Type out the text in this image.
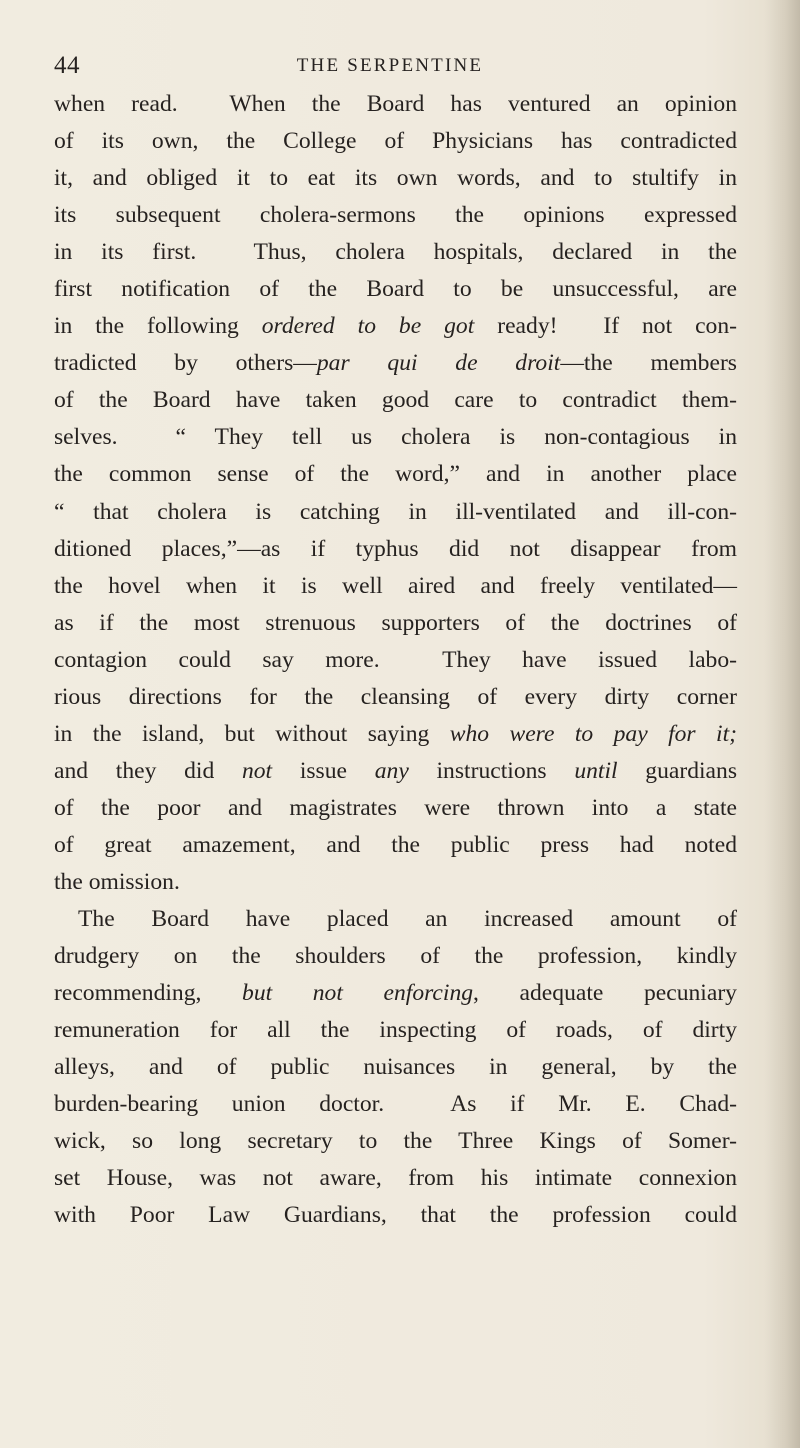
44	THE SERPENTINE
when read.  When the Board has ventured an opinion
of its own, the College of Physicians has contradicted
it, and obliged it to eat its own words, and to stultify in
its subsequent cholera-sermons the opinions expressed
in its first.  Thus, cholera hospitals, declared in the
first notification of the Board to be unsuccessful, are
in the following ordered to be got ready!  If not con-
tradicted by others—par qui de droit—the members
of the Board have taken good care to contradict them-
selves.  “ They tell us cholera is non-contagious in
the common sense of the word,” and in another place
“ that cholera is catching in ill-ventilated and ill-con-
ditioned places,”—as if typhus did not disappear from
the hovel when it is well aired and freely ventilated—
as if the most strenuous supporters of the doctrines of
contagion could say more.  They have issued labo-
rious directions for the cleansing of every dirty corner
in the island, but without saying who were to pay for it;
and they did not issue any instructions until guardians
of the poor and magistrates were thrown into a state
of great amazement, and the public press had noted
the omission.
The Board have placed an increased amount of
drudgery on the shoulders of the profession, kindly
recommending, but not enforcing, adequate pecuniary
remuneration for all the inspecting of roads, of dirty
alleys, and of public nuisances in general, by the
burden-bearing union doctor.  As if Mr. E. Chad-
wick, so long secretary to the Three Kings of Somer-
set House, was not aware, from his intimate connexion
with Poor Law Guardians, that the profession could
